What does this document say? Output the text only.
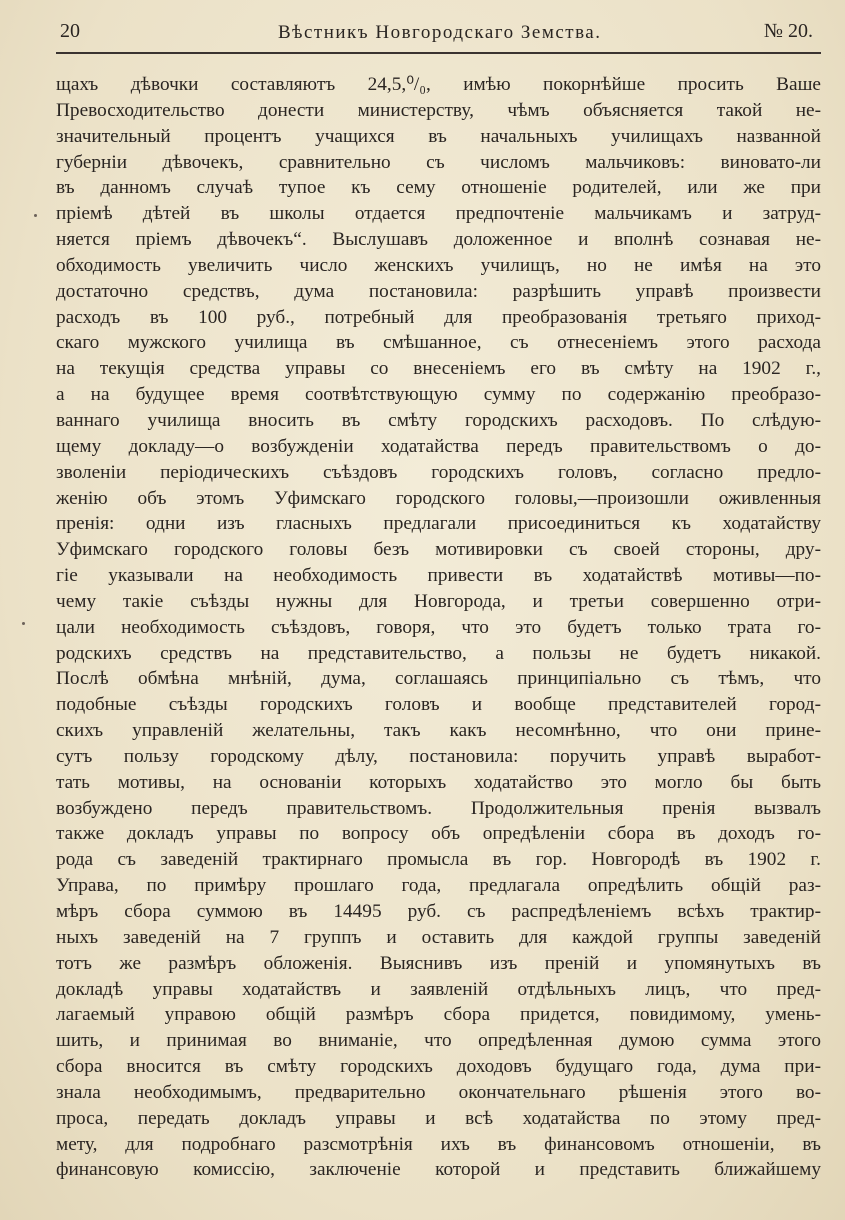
20	Вѣстникъ Новгородскаго Земства.	№ 20.
щахъ дѣвочки составляютъ 24,5,⁰/₀, имѣю покорнѣйше просить Ваше
Превосходительство донести министерству, чѣмъ объясняется такой не-
значительный процентъ учащихся въ начальныхъ училищахъ названной
губерніи дѣвочекъ, сравнительно съ числомъ мальчиковъ: виновато-ли
въ данномъ случаѣ тупое къ сему отношеніе родителей, или же при
пріемѣ дѣтей въ школы отдается предпочтеніе мальчикамъ и затруд-
няется пріемъ дѣвочекъ“. Выслушавъ доложенное и вполнѣ сознавая не-
обходимость увеличить число женскихъ училищъ, но не имѣя на это
достаточно средствъ, дума постановила: разрѣшить управѣ произвести
расходъ въ 100 руб., потребный для преобразованія третьяго приход-
скаго мужского училища въ смѣшанное, съ отнесеніемъ этого расхода
на текущія средства управы со внесеніемъ его въ смѣту на 1902 г.,
а на будущее время соотвѣтствующую сумму по содержанію преобразо-
ваннаго училища вносить въ смѣту городскихъ расходовъ. По слѣдую-
щему докладу—о возбужденіи ходатайства передъ правительствомъ о до-
зволеніи періодическихъ съѣздовъ городскихъ головъ, согласно предло-
женію объ этомъ Уфимскаго городского головы,—произошли оживленныя
пренія: одни изъ гласныхъ предлагали присоединиться къ ходатайству
Уфимскаго городского головы безъ мотивировки съ своей стороны, дру-
гіе указывали на необходимость привести въ ходатайствѣ мотивы—по-
чему такіе съѣзды нужны для Новгорода, и третьи совершенно отри-
цали необходимость съѣздовъ, говоря, что это будетъ только трата го-
родскихъ средствъ на представительство, а пользы не будетъ никакой.
Послѣ обмѣна мнѣній, дума, соглашаясь принципіально съ тѣмъ, что
подобные съѣзды городскихъ головъ и вообще представителей город-
скихъ управленій желательны, такъ какъ несомнѣнно, что они прине-
сутъ пользу городскому дѣлу, постановила: поручить управѣ выработ-
тать мотивы, на основаніи которыхъ ходатайство это могло бы быть
возбуждено передъ правительствомъ. Продолжительныя пренія вызвалъ
также докладъ управы по вопросу объ опредѣленіи сбора въ доходъ го-
рода съ заведеній трактирнаго промысла въ гор. Новгородѣ въ 1902 г.
Управа, по примѣру прошлаго года, предлагала опредѣлить общій раз-
мѣръ сбора суммою въ 14495 руб. съ распредѣленіемъ всѣхъ трактир-
ныхъ заведеній на 7 группъ и оставить для каждой группы заведеній
тотъ же размѣръ обложенія. Выяснивъ изъ преній и упомянутыхъ въ
докладѣ управы ходатайствъ и заявленій отдѣльныхъ лицъ, что пред-
лагаемый управою общій размѣръ сбора придется, повидимому, умень-
шить, и принимая во вниманіе, что опредѣленная думою сумма этого
сбора вносится въ смѣту городскихъ доходовъ будущаго года, дума при-
знала необходимымъ, предварительно окончательнаго рѣшенія этого во-
проса, передать докладъ управы и всѣ ходатайства по этому пред-
мету, для подробнаго разсмотрѣнія ихъ въ финансовомъ отношеніи, въ
финансовую комиссію, заключеніе которой и представить ближайшему
